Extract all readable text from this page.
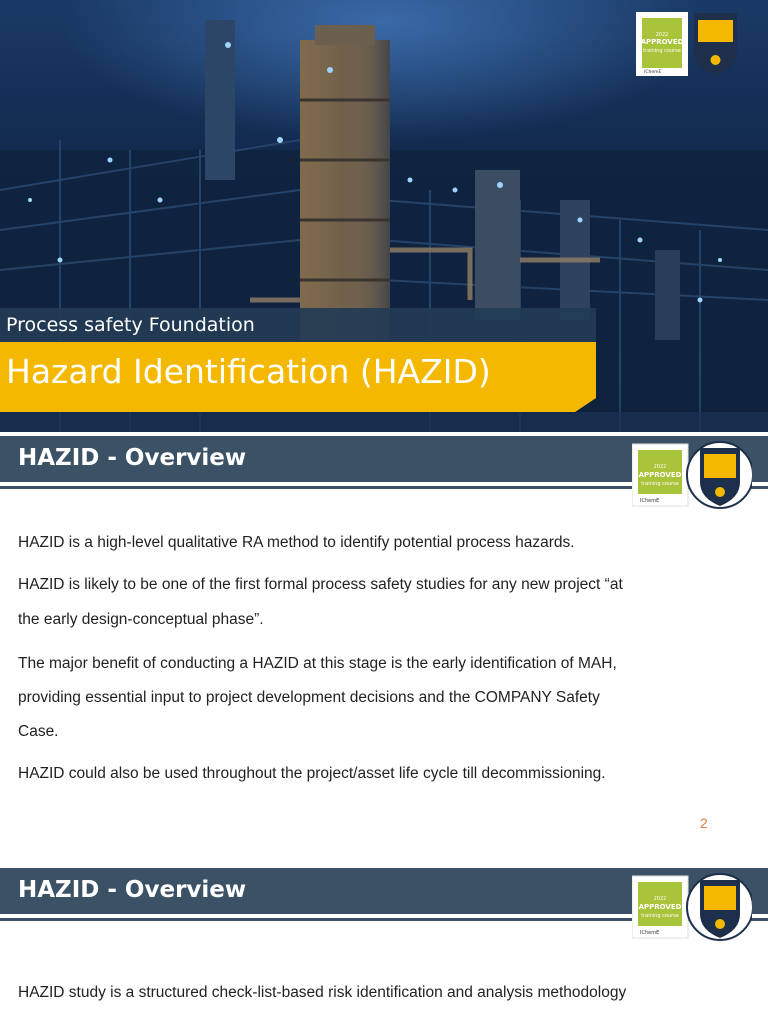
APPROVED
training course
2022
IChemE
Process safety Foundation
Hazard Identification (HAZID)
HAZID - Overview	2022
APPROVED
training course
IChemE

HAZID is a high-level qualitative RA method to identify potential process hazards.

HAZID is likely to be one of the first formal process safety studies for any new project “at

the early design-conceptual phase”.

The major benefit of conducting a HAZID at this stage is the early identification of MAH,

providing essential input to project development decisions and the COMPANY Safety

Case.

HAZID could also be used throughout the project/asset life cycle till decommissioning.

2
HAZID - Overview	2022
APPROVED
training course
IChemE

HAZID study is a structured check-list-based risk identification and analysis methodology
